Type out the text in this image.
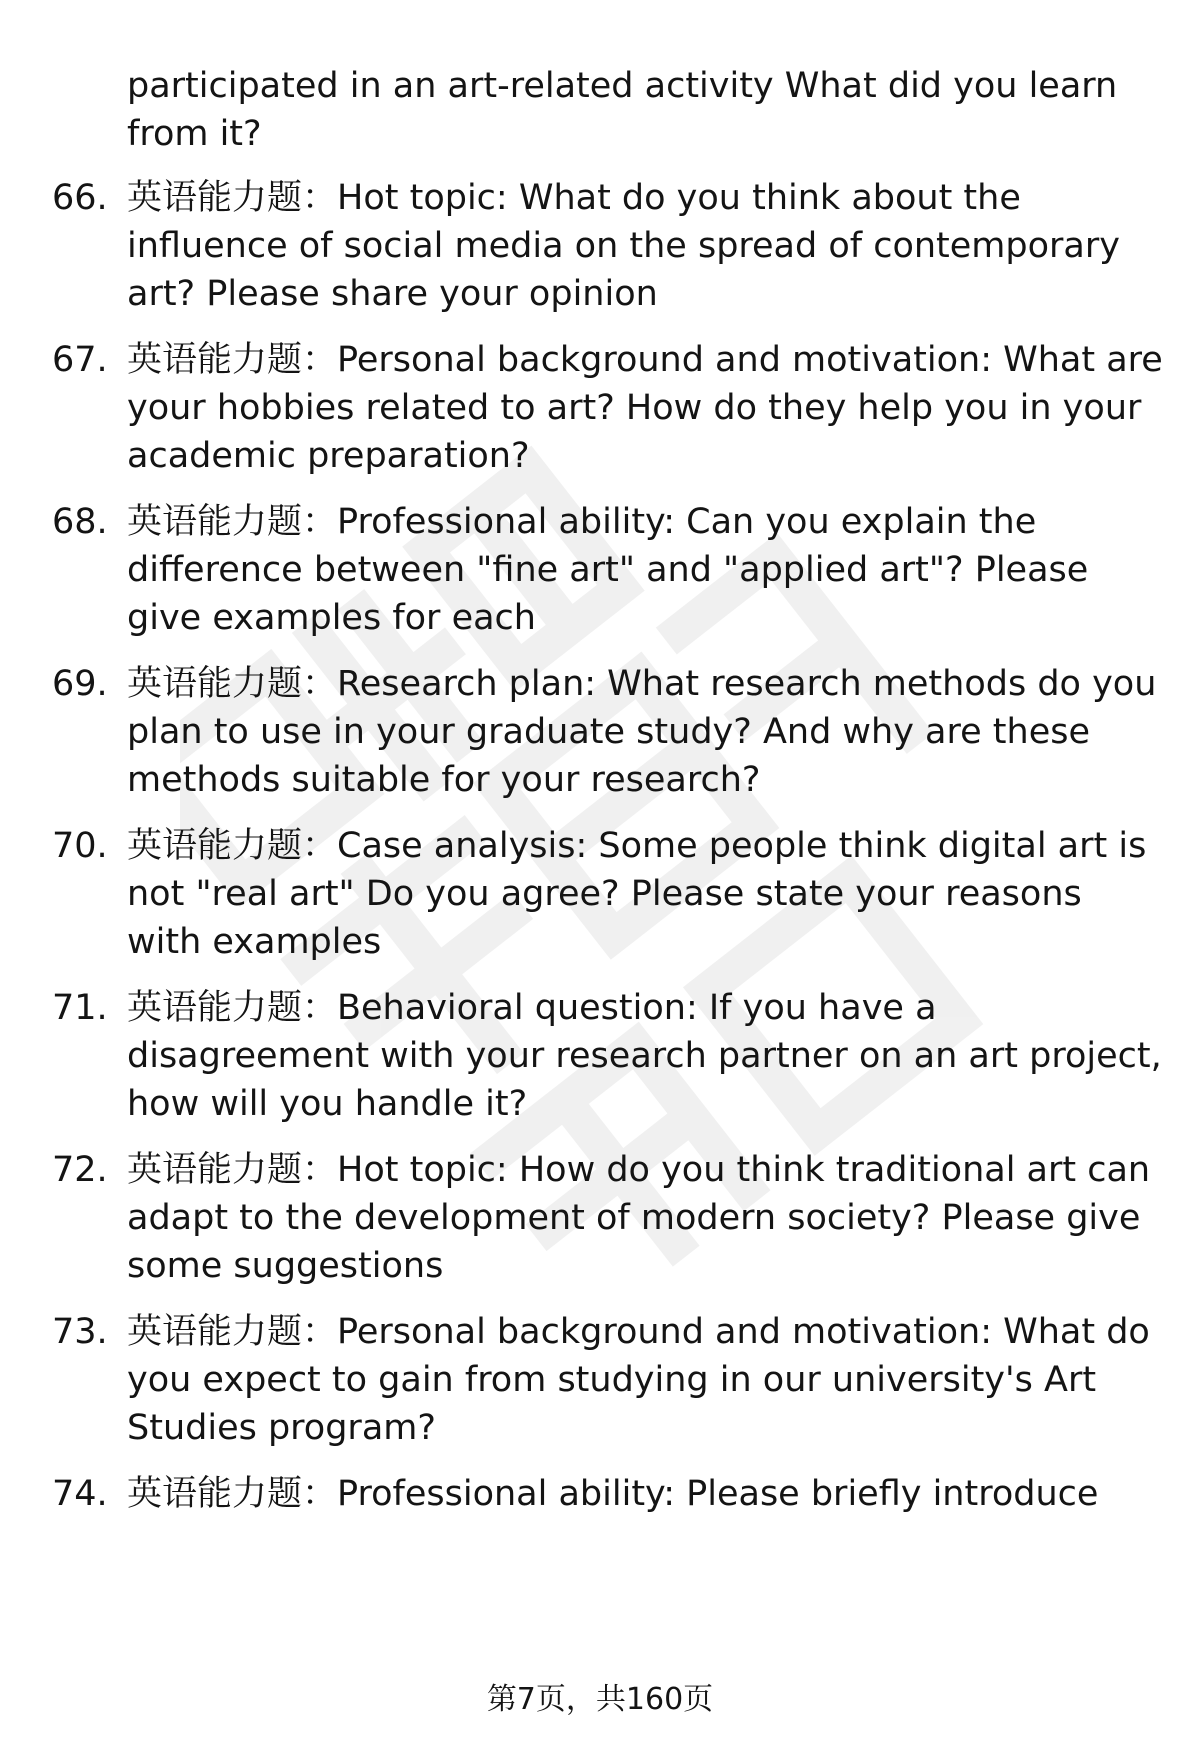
participated in an art-related activity What did you learn from it?

66. 英语能力题：Hot topic: What do you think about the influence of social media on the spread of contemporary art? Please share your opinion

67. 英语能力题：Personal background and motivation: What are your hobbies related to art? How do they help you in your academic preparation?

68. 英语能力题：Professional ability: Can you explain the difference between "fine art" and "applied art"? Please give examples for each

69. 英语能力题：Research plan: What research methods do you plan to use in your graduate study? And why are these methods suitable for your research?

70. 英语能力题：Case analysis: Some people think digital art is not "real art" Do you agree? Please state your reasons with examples

71. 英语能力题：Behavioral question: If you have a disagreement with your research partner on an art project, how will you handle it?

72. 英语能力题：Hot topic: How do you think traditional art can adapt to the development of modern society? Please give some suggestions

73. 英语能力题：Personal background and motivation: What do you expect to gain from studying in our university's Art Studies program?

74. 英语能力题：Professional ability: Please briefly introduce

第7页，共160页
